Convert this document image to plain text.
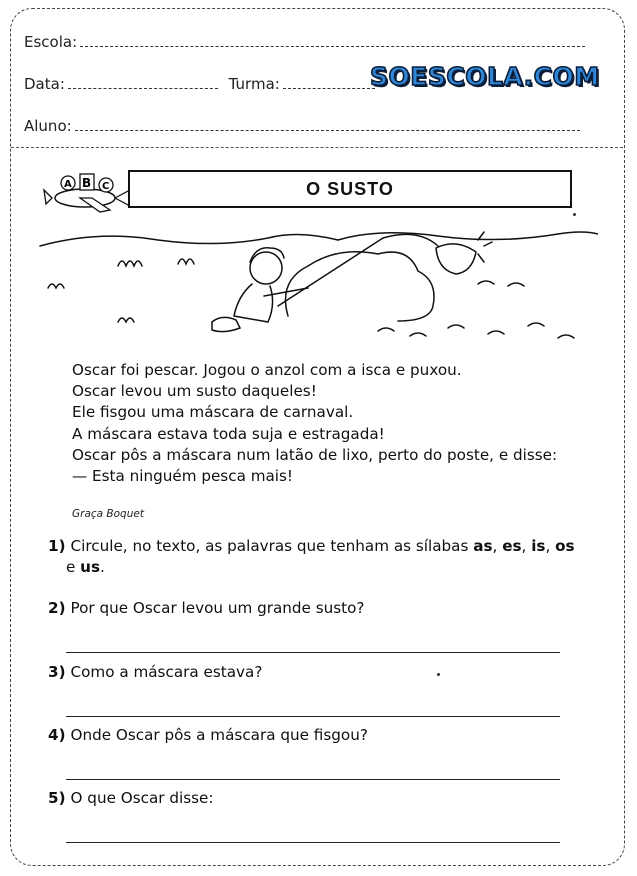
Escola:
Data:	Turma:
Aluno:
SOESCOLA.COM
A B C	O SUSTO

Oscar foi pescar. Jogou o anzol com a isca e puxou.

Oscar levou um susto daqueles!

Ele fisgou uma máscara de carnaval.

A máscara estava toda suja e estragada!

Oscar pôs a máscara num latão de lixo, perto do poste, e disse:

— Esta ninguém pesca mais!

Graça Boquet
1) Circule, no texto, as palavras que tenham as sílabas as, es, is, os
e us.
2) Por que Oscar levou um grande susto?
3) Como a máscara estava?
4) Onde Oscar pôs a máscara que fisgou?
5) O que Oscar disse:
